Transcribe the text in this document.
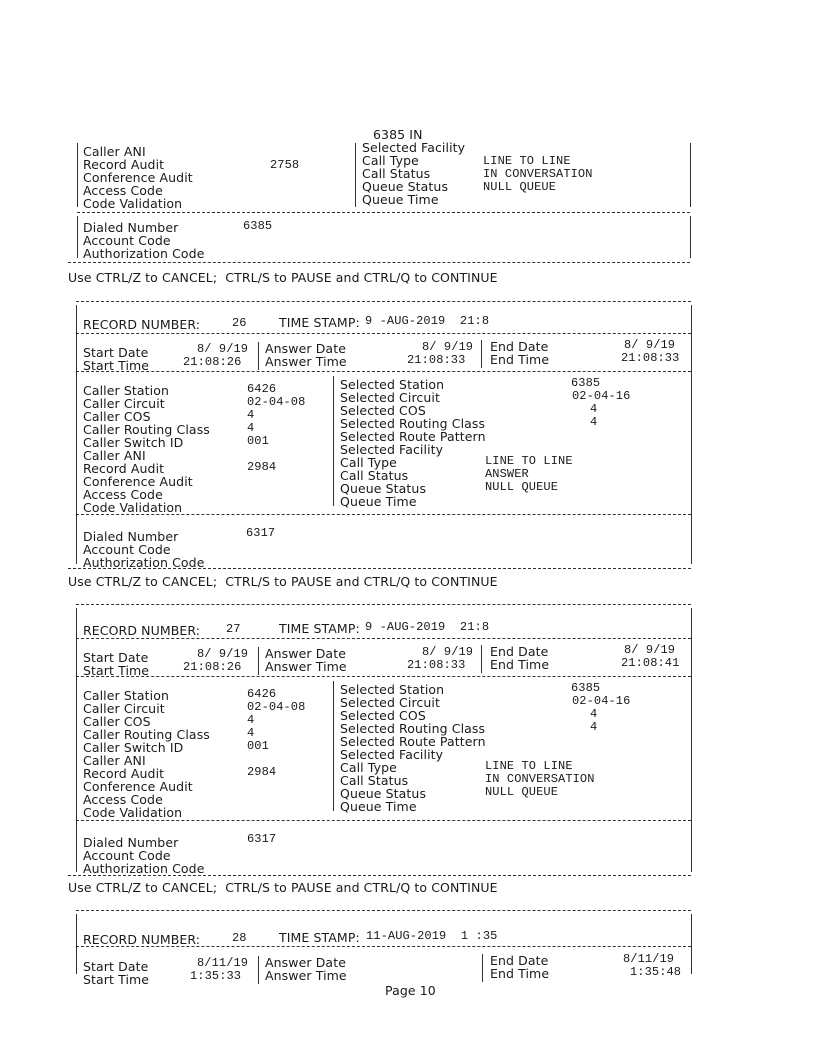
6385 IN
Caller ANI
Record Audit	2758
Conference Audit
Access Code
Code Validation
Selected Facility
Call Type	LINE TO LINE
Call Status	IN CONVERSATION
Queue Status	NULL QUEUE
Queue Time
Dialed Number	6385
Account Code
Authorization Code
Use CTRL/Z to CANCEL;  CTRL/S to PAUSE and CTRL/Q to CONTINUE
RECORD NUMBER:	26	TIME STAMP: 9 -AUG-2019  21:8
Start Date	8/ 9/19
Start Time	21:08:26
Answer Date	8/ 9/19
Answer Time	21:08:33
End Date	8/ 9/19
End Time	21:08:33
Caller Station	6426
Caller Circuit	02-04-08
Caller COS	4
Caller Routing Class	4
Caller Switch ID	001
Caller ANI
Record Audit	2984
Conference Audit
Access Code
Code Validation
Selected Station	6385
Selected Circuit	02-04-16
Selected COS	4
Selected Routing Class	4
Selected Route Pattern
Selected Facility
Call Type	LINE TO LINE
Call Status	ANSWER
Queue Status	NULL QUEUE
Queue Time
Dialed Number	6317
Account Code
Authorization Code
Use CTRL/Z to CANCEL;  CTRL/S to PAUSE and CTRL/Q to CONTINUE
RECORD NUMBER: 27	TIME STAMP: 9 -AUG-2019  21:8
Start Date	8/ 9/19
Start Time	21:08:26
Answer Date	8/ 9/19
Answer Time	21:08:33
End Date	8/ 9/19
End Time	21:08:41
Caller Station	6426
Caller Circuit	02-04-08
Caller COS	4
Caller Routing Class	4
Caller Switch ID	001
Caller ANI
Record Audit	2984
Conference Audit
Access Code
Code Validation
Selected Station	6385
Selected Circuit	02-04-16
Selected COS	4
Selected Routing Class	4
Selected Route Pattern
Selected Facility
Call Type	LINE TO LINE
Call Status	IN CONVERSATION
Queue Status	NULL QUEUE
Queue Time
Dialed Number	6317
Account Code
Authorization Code
Use CTRL/Z to CANCEL;  CTRL/S to PAUSE and CTRL/Q to CONTINUE
RECORD NUMBER:	28	TIME STAMP: 11-AUG-2019  1 :35
Start Date	8/11/19
Start Time	1:35:33
Answer Date
Answer Time
End Date	8/11/19
End Time	1:35:48
Page 10
